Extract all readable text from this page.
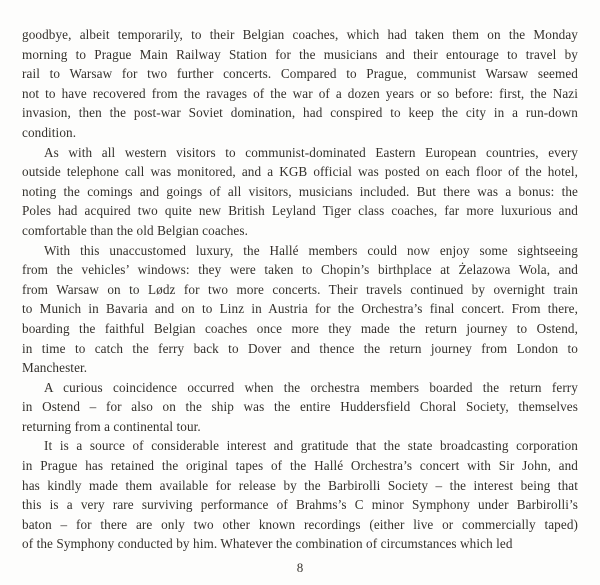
goodbye, albeit temporarily, to their Belgian coaches, which had taken them on the Monday
morning to Prague Main Railway Station for the musicians and their entourage to travel by
rail to Warsaw for two further concerts. Compared to Prague, communist Warsaw seemed
not to have recovered from the ravages of the war of a dozen years or so before: first, the Nazi
invasion, then the post-war Soviet domination, had conspired to keep the city in a run-down
condition.
As with all western visitors to communist-dominated Eastern European countries, every
outside telephone call was monitored, and a KGB official was posted on each floor of the hotel,
noting the comings and goings of all visitors, musicians included. But there was a bonus: the
Poles had acquired two quite new British Leyland Tiger class coaches, far more luxurious and
comfortable than the old Belgian coaches.
With this unaccustomed luxury, the Hallé members could now enjoy some sightseeing
from the vehicles’ windows: they were taken to Chopin’s birthplace at Żelazowa Wola, and
from Warsaw on to Lødz for two more concerts. Their travels continued by overnight train
to Munich in Bavaria and on to Linz in Austria for the Orchestra’s final concert. From there,
boarding the faithful Belgian coaches once more they made the return journey to Ostend,
in time to catch the ferry back to Dover and thence the return journey from London to
Manchester.
A curious coincidence occurred when the orchestra members boarded the return ferry
in Ostend – for also on the ship was the entire Huddersfield Choral Society, themselves
returning from a continental tour.
It is a source of considerable interest and gratitude that the state broadcasting corporation
in Prague has retained the original tapes of the Hallé Orchestra’s concert with Sir John, and
has kindly made them available for release by the Barbirolli Society – the interest being that
this is a very rare surviving performance of Brahms’s C minor Symphony under Barbirolli’s
baton – for there are only two other known recordings (either live or commercially taped)
of the Symphony conducted by him. Whatever the combination of circumstances which led
8
